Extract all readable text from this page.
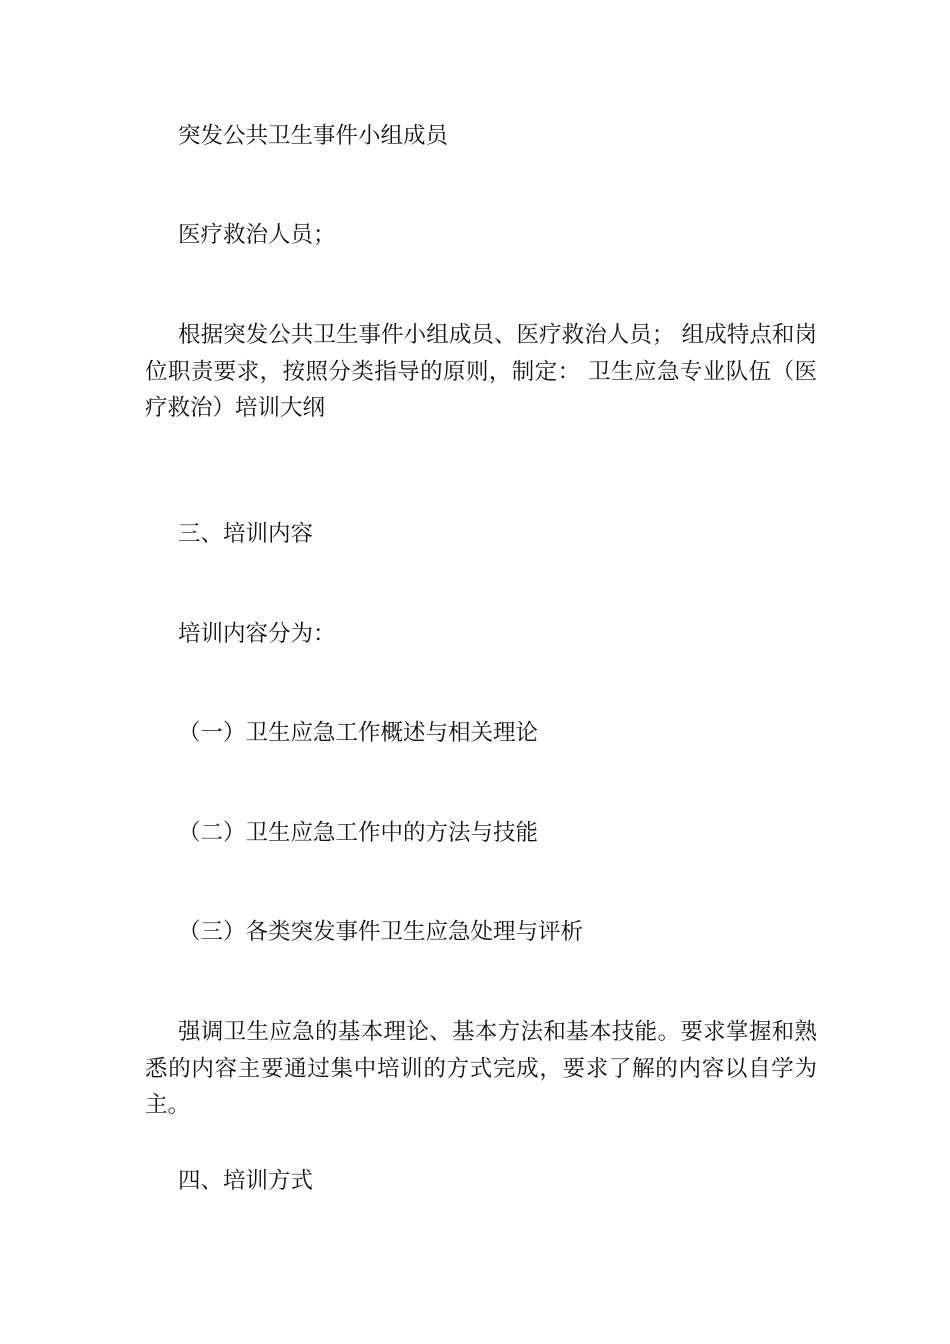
突发公共卫生事件小组成员

医疗救治人员；

根据突发公共卫生事件小组成员、医疗救治人员； 组成特点和岗位职责要求，按照分类指导的原则，制定： 卫生应急专业队伍（医疗救治）培训大纲

三、培训内容

培训内容分为：

（一）卫生应急工作概述与相关理论

（二）卫生应急工作中的方法与技能

（三）各类突发事件卫生应急处理与评析

强调卫生应急的基本理论、基本方法和基本技能。要求掌握和熟悉的内容主要通过集中培训的方式完成，要求了解的内容以自学为主。

四、培训方式
